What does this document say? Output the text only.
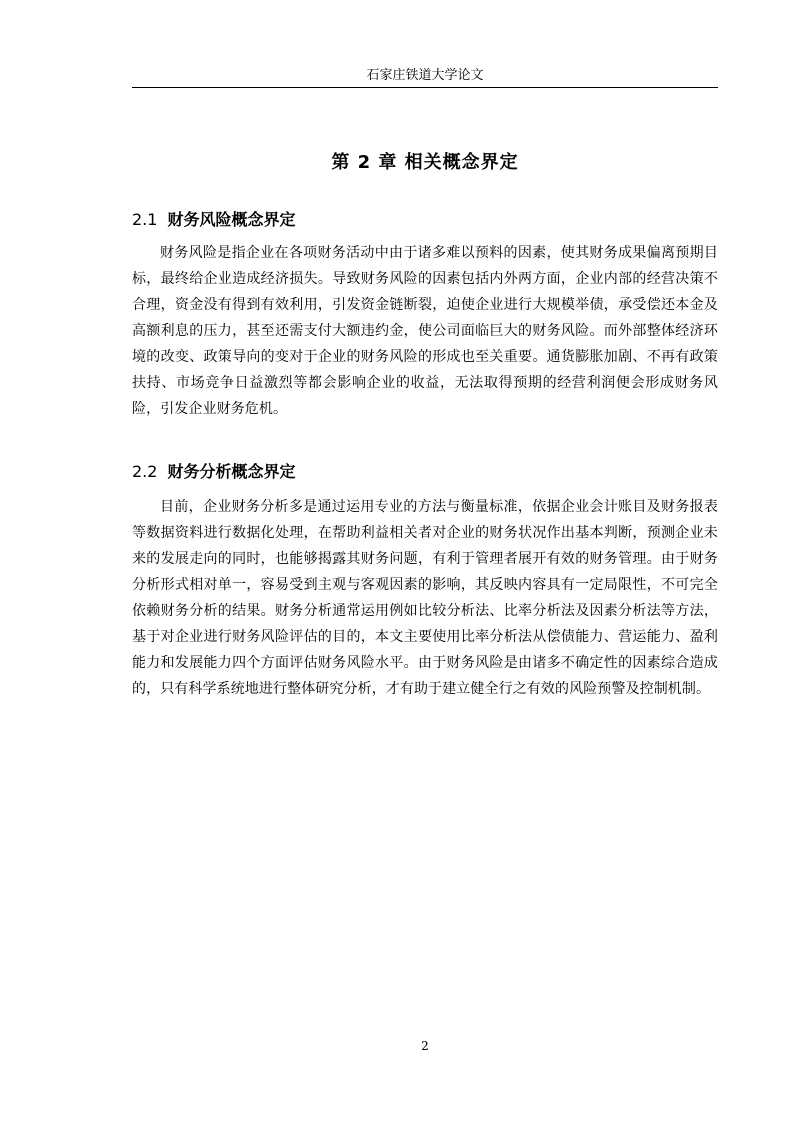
石家庄铁道大学论文
第 2 章 相关概念界定
2.1 财务风险概念界定

财务风险是指企业在各项财务活动中由于诸多难以预料的因素，使其财务成果偏离预期目标，最终给企业造成经济损失。导致财务风险的因素包括内外两方面，企业内部的经营决策不合理，资金没有得到有效利用，引发资金链断裂，迫使企业进行大规模举债，承受偿还本金及高额利息的压力，甚至还需支付大额违约金，使公司面临巨大的财务风险。而外部整体经济环境的改变、政策导向的变对于企业的财务风险的形成也至关重要。通货膨胀加剧、不再有政策扶持、市场竞争日益激烈等都会影响企业的收益，无法取得预期的经营利润便会形成财务风险，引发企业财务危机。

2.2 财务分析概念界定

目前，企业财务分析多是通过运用专业的方法与衡量标准，依据企业会计账目及财务报表等数据资料进行数据化处理，在帮助利益相关者对企业的财务状况作出基本判断，预测企业未来的发展走向的同时，也能够揭露其财务问题，有利于管理者展开有效的财务管理。由于财务分析形式相对单一，容易受到主观与客观因素的影响，其反映内容具有一定局限性，不可完全依赖财务分析的结果。财务分析通常运用例如比较分析法、比率分析法及因素分析法等方法，基于对企业进行财务风险评估的目的，本文主要使用比率分析法从偿债能力、营运能力、盈利能力和发展能力四个方面评估财务风险水平。由于财务风险是由诸多不确定性的因素综合造成的，只有科学系统地进行整体研究分析，才有助于建立健全行之有效的风险预警及控制机制。

2
